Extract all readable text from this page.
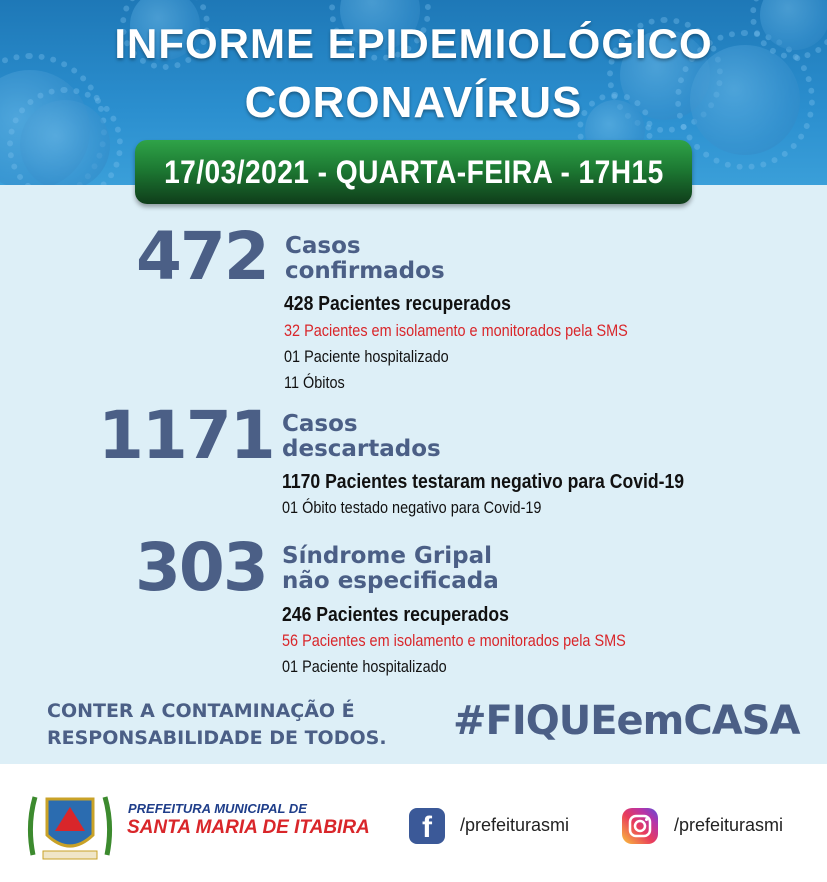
INFORME EPIDEMIOLÓGICO
CORONAVÍRUS
17/03/2021 - QUARTA-FEIRA - 17H15
472 Casos
confirmados
428 Pacientes recuperados
32 Pacientes em isolamento e monitorados pela SMS
01 Paciente hospitalizado
11 Óbitos
1171 Casos
descartados
1170 Pacientes testaram negativo para Covid-19
01 Óbito testado negativo para Covid-19
303 Síndrome Gripal
não especificada
246 Pacientes recuperados
56 Pacientes em isolamento e monitorados pela SMS
01 Paciente hospitalizado
CONTER A CONTAMINAÇÃO É
RESPONSABILIDADE DE TODOS. #FIQUEemCASA
PREFEITURA MUNICIPAL DE
SANTA MARIA DE ITABIRA	f	/prefeiturasmi	/prefeiturasmi
